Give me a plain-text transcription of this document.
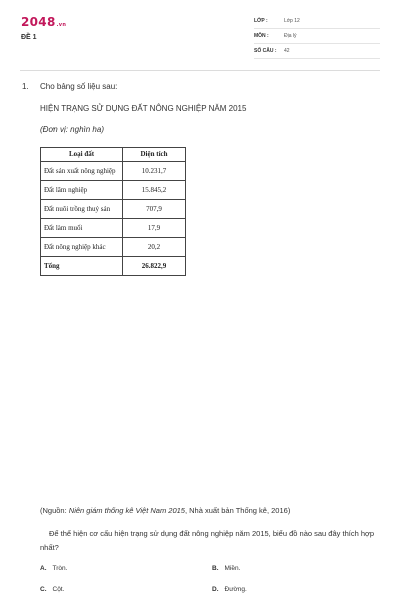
2048.vn
ĐỀ 1
LỚP :	Lớp 12
MÔN :	Địa lý
SỐ CÂU : 42
1. Cho bảng số liệu sau:
HIỆN TRẠNG SỬ DỤNG ĐẤT NÔNG NGHIỆP NĂM 2015
(Đơn vị: nghìn ha)
Loại đất	Diện tích
Đất sản xuất nông nghiệp	10.231,7
Đất lâm nghiệp	15.845,2
Đất nuôi trồng thuỷ sản	707,9
Đất làm muối	17,9
Đất nông nghiệp khác	20,2
Tổng	26.822,9
(Nguồn: Niên giám thống kê Việt Nam 2015, Nhà xuất bản Thống kê, 2016)
Để thể hiện cơ cấu hiện trạng sử dụng đất nông nghiệp năm 2015, biểu đồ nào sau đây thích hợp nhất?
A. Tròn.	B. Miền.
C. Cột.	D. Đường.
